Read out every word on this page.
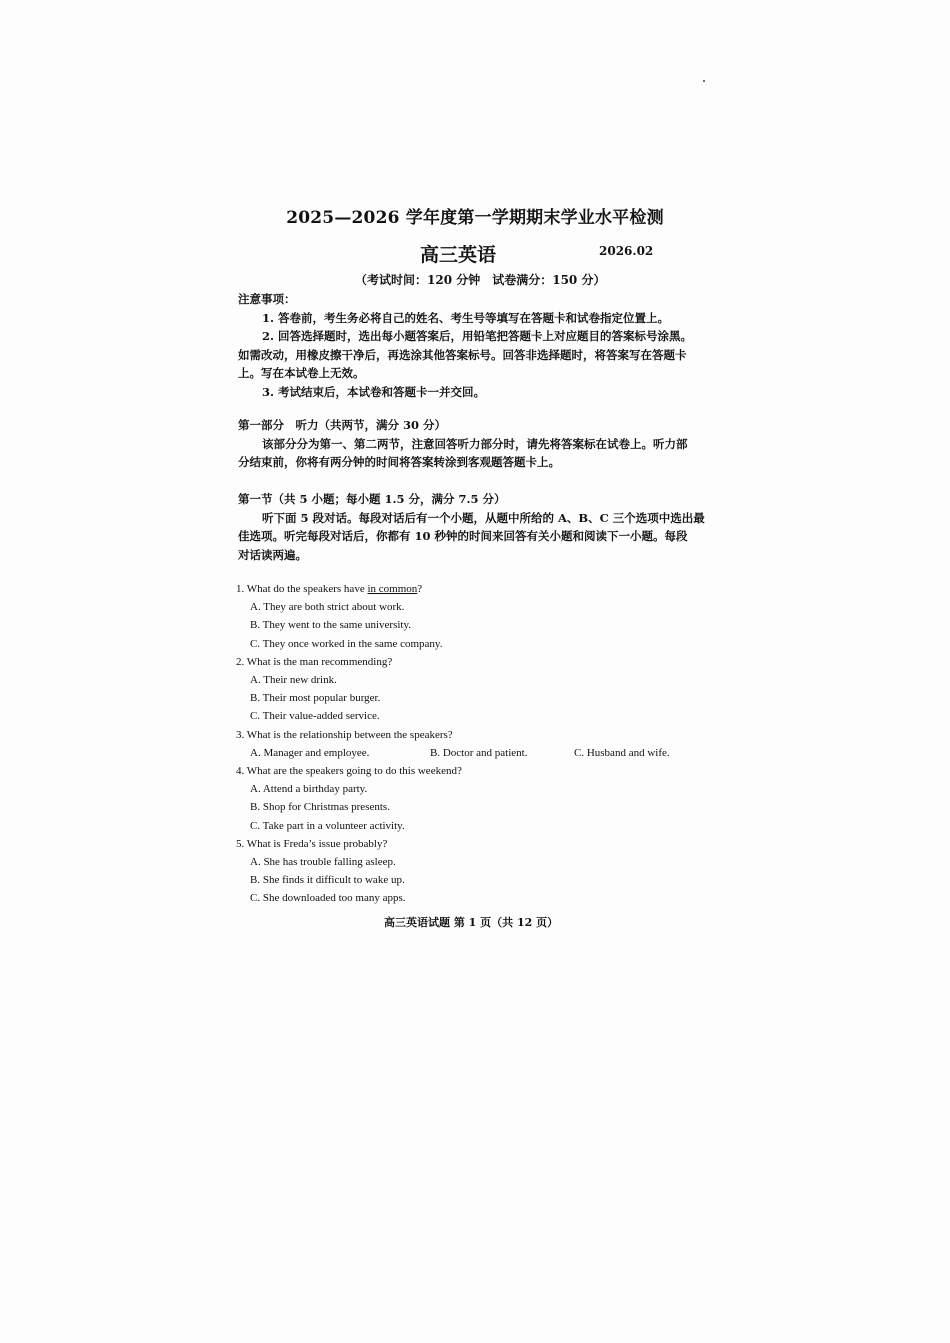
2025—2026 学年度第一学期期末学业水平检测
高三英语	2026.02
（考试时间：120 分钟　试卷满分：150 分）

注意事项：

1. 答卷前，考生务必将自己的姓名、考生号等填写在答题卡和试卷指定位置上。

2. 回答选择题时，选出每小题答案后，用铅笔把答题卡上对应题目的答案标号涂黑。

如需改动，用橡皮擦干净后，再选涂其他答案标号。回答非选择题时，将答案写在答题卡

上。写在本试卷上无效。

3. 考试结束后，本试卷和答题卡一并交回。

第一部分　听力（共两节，满分 30 分）

该部分分为第一、第二两节，注意回答听力部分时，请先将答案标在试卷上。听力部

分结束前，你将有两分钟的时间将答案转涂到客观题答题卡上。

第一节（共 5 小题；每小题 1.5 分，满分 7.5 分）

听下面 5 段对话。每段对话后有一个小题，从题中所给的 A、B、C 三个选项中选出最

佳选项。听完每段对话后，你都有 10 秒钟的时间来回答有关小题和阅读下一小题。每段

对话读两遍。

1. What do the speakers have in common?

A. They are both strict about work.

B. They went to the same university.

C. They once worked in the same company.

2. What is the man recommending?

A. Their new drink.

B. Their most popular burger.

C. Their value-added service.

3. What is the relationship between the speakers?

A. Manager and employee.	B. Doctor and patient.	C. Husband and wife.

4. What are the speakers going to do this weekend?

A. Attend a birthday party.

B. Shop for Christmas presents.

C. Take part in a volunteer activity.

5. What is Freda’s issue probably?

A. She has trouble falling asleep.

B. She finds it difficult to wake up.

C. She downloaded too many apps.

高三英语试题 第 1 页（共 12 页）
